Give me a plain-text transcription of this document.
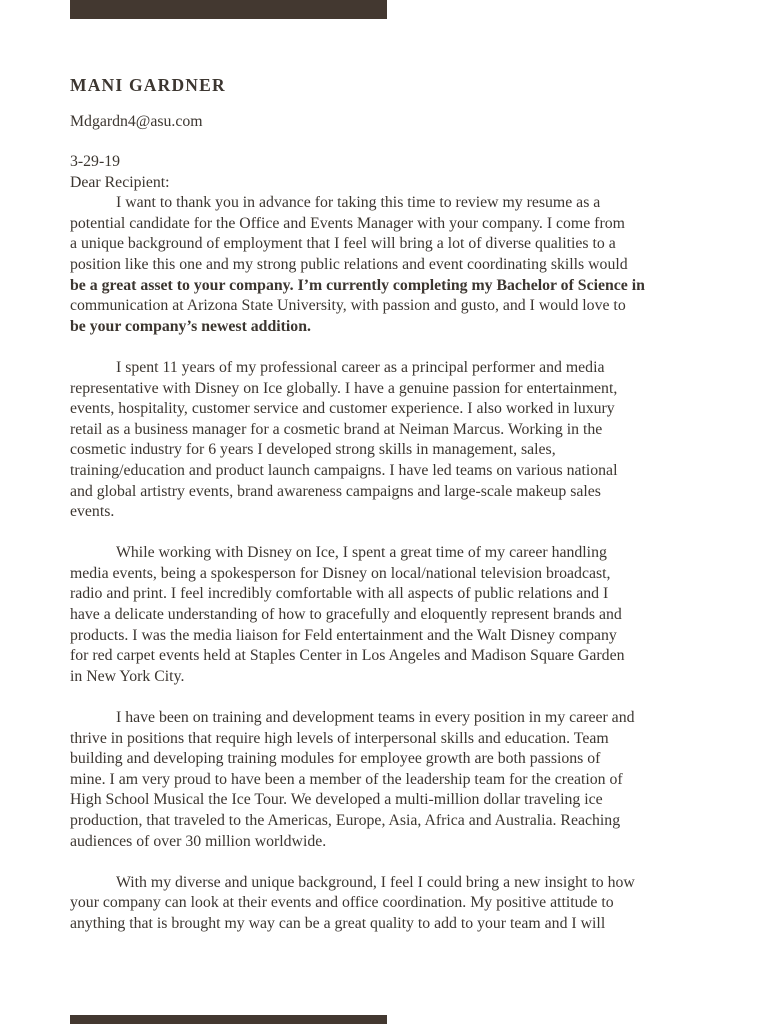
MANI GARDNER
Mdgardn4@asu.com
3-29-19
Dear Recipient:
I want to thank you in advance for taking this time to review my resume as a
potential candidate for the Office and Events Manager with your company. I come from
a unique background of employment that I feel will bring a lot of diverse qualities to a
position like this one and my strong public relations and event coordinating skills would
be a great asset to your company. I’m currently completing my Bachelor of Science in
communication at Arizona State University, with passion and gusto, and I would love to
be your company’s newest addition.
I spent 11 years of my professional career as a principal performer and media
representative with Disney on Ice globally. I have a genuine passion for entertainment,
events, hospitality, customer service and customer experience. I also worked in luxury
retail as a business manager for a cosmetic brand at Neiman Marcus. Working in the
cosmetic industry for 6 years I developed strong skills in management, sales,
training/education and product launch campaigns. I have led teams on various national
and global artistry events, brand awareness campaigns and large-scale makeup sales
events.
While working with Disney on Ice, I spent a great time of my career handling
media events, being a spokesperson for Disney on local/national television broadcast,
radio and print. I feel incredibly comfortable with all aspects of public relations and I
have a delicate understanding of how to gracefully and eloquently represent brands and
products. I was the media liaison for Feld entertainment and the Walt Disney company
for red carpet events held at Staples Center in Los Angeles and Madison Square Garden
in New York City.
I have been on training and development teams in every position in my career and
thrive in positions that require high levels of interpersonal skills and education. Team
building and developing training modules for employee growth are both passions of
mine. I am very proud to have been a member of the leadership team for the creation of
High School Musical the Ice Tour. We developed a multi-million dollar traveling ice
production, that traveled to the Americas, Europe, Asia, Africa and Australia. Reaching
audiences of over 30 million worldwide.
With my diverse and unique background, I feel I could bring a new insight to how
your company can look at their events and office coordination. My positive attitude to
anything that is brought my way can be a great quality to add to your team and I will
